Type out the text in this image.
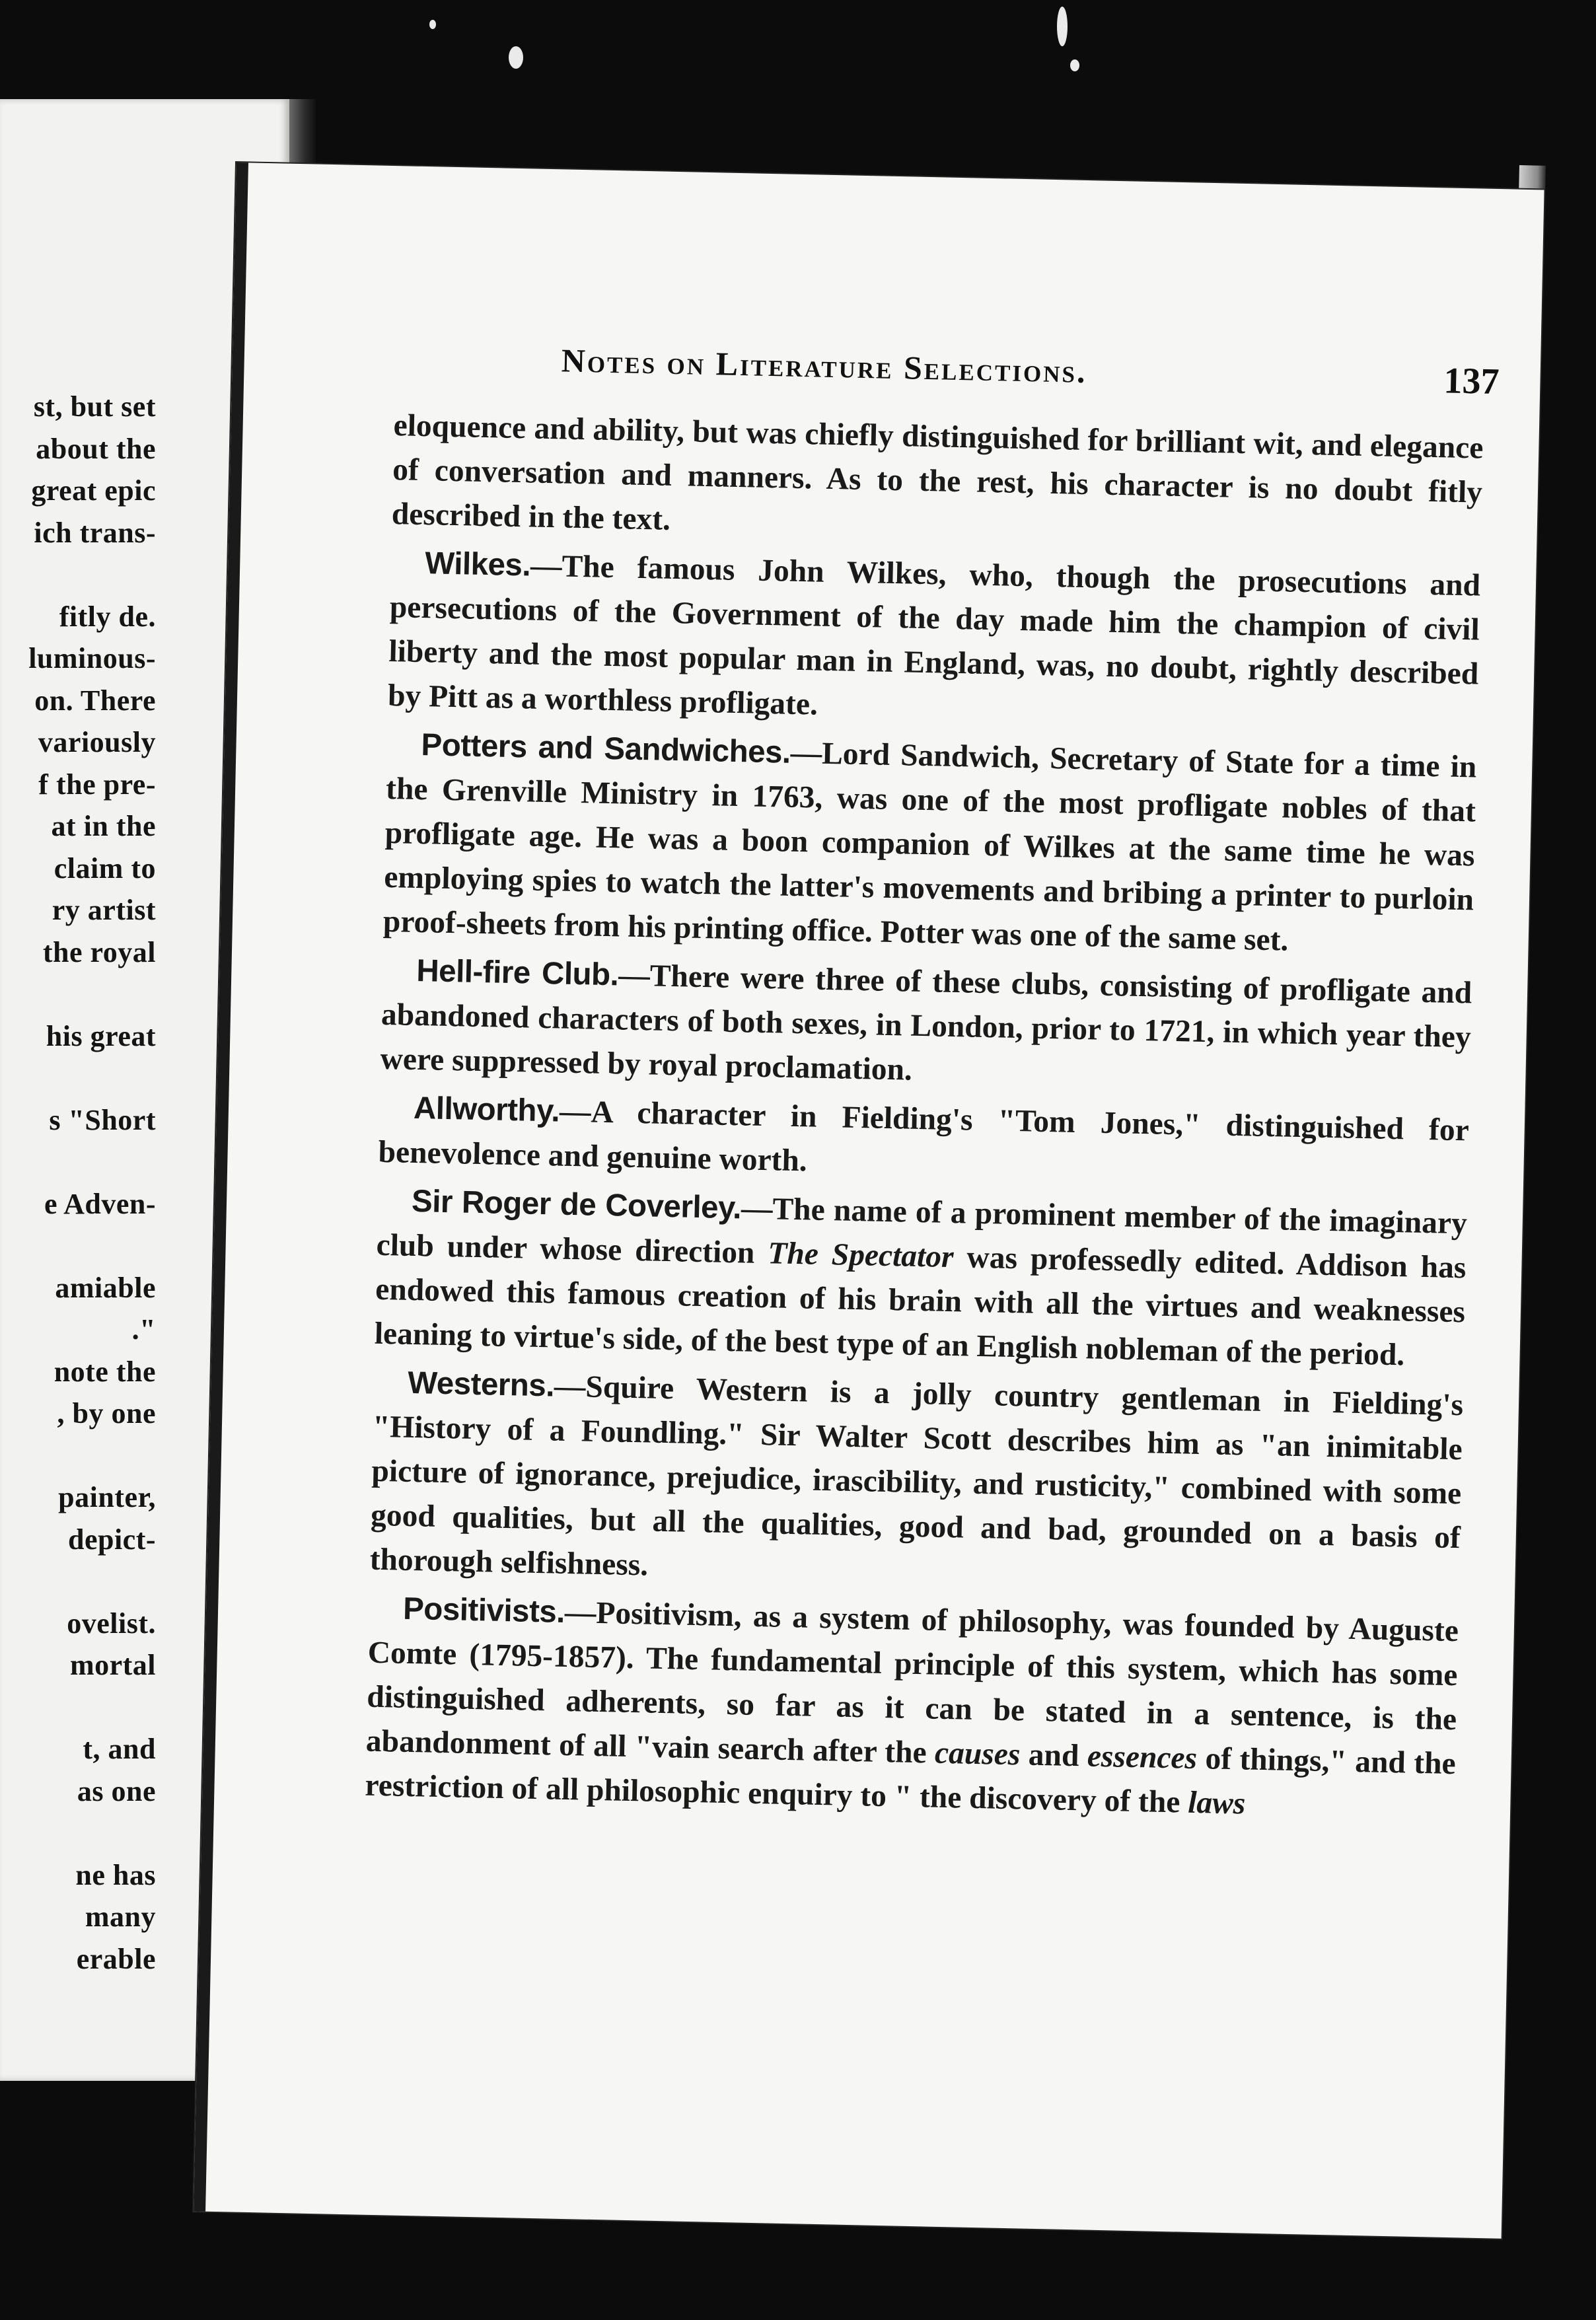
st, but set
about the
great epic
ich trans-
fitly de.
luminous-
on. There
variously
f the pre-
at in the
claim to
ry artist
the royal
his great
s "Short
e Adven-
amiable
."
note the
, by one
painter,
depict-
ovelist.
mortal
t, and
as one
ne has
many
erable
Notes on Literature Selections.	137

eloquence and ability, but was chiefly distinguished for brilliant wit, and elegance of conversation and manners. As to the rest, his character is no doubt fitly described in the text.

Wilkes.—The famous John Wilkes, who, though the prosecutions and persecutions of the Government of the day made him the champion of civil liberty and the most popular man in England, was, no doubt, rightly described by Pitt as a worthless profligate.

Potters and Sandwiches.—Lord Sandwich, Secretary of State for a time in the Grenville Ministry in 1763, was one of the most profligate nobles of that profligate age. He was a boon companion of Wilkes at the same time he was employing spies to watch the latter's movements and bribing a printer to purloin proof-sheets from his printing office. Potter was one of the same set.

Hell-fire Club.—There were three of these clubs, consisting of profligate and abandoned characters of both sexes, in London, prior to 1721, in which year they were suppressed by royal proclamation.

Allworthy.—A character in Fielding's "Tom Jones," distinguished for benevolence and genuine worth.

Sir Roger de Coverley.—The name of a prominent member of the imaginary club under whose direction The Spectator was professedly edited. Addison has endowed this famous creation of his brain with all the virtues and weaknesses leaning to virtue's side, of the best type of an English nobleman of the period.

Westerns.—Squire Western is a jolly country gentleman in Fielding's "History of a Foundling." Sir Walter Scott describes him as "an inimitable picture of ignorance, prejudice, irascibility, and rusticity," combined with some good qualities, but all the qualities, good and bad, grounded on a basis of thorough selfishness.

Positivists.—Positivism, as a system of philosophy, was founded by Auguste Comte (1795-1857). The fundamental principle of this system, which has some distinguished adherents, so far as it can be stated in a sentence, is the abandonment of all "vain search after the causes and essences of things," and the restriction of all philosophic enquiry to " the discovery of the laws
